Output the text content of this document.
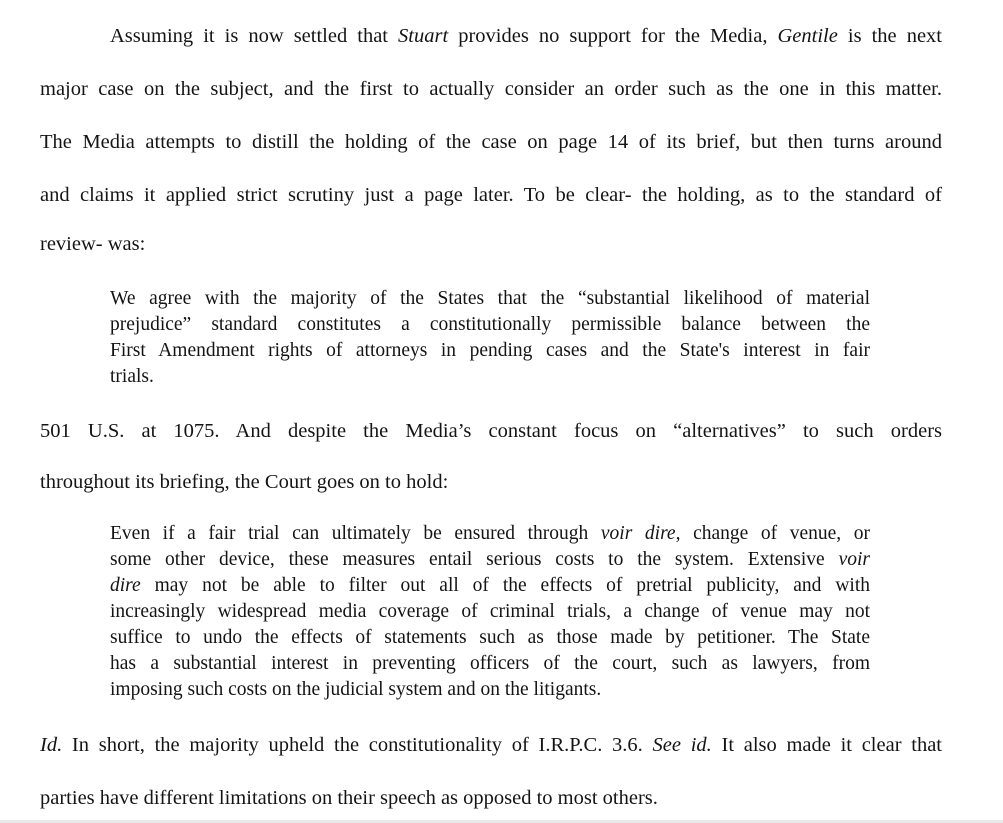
Assuming it is now settled that Stuart provides no support for the Media, Gentile is the next
major case on the subject, and the first to actually consider an order such as the one in this matter.
The Media attempts to distill the holding of the case on page 14 of its brief, but then turns around
and claims it applied strict scrutiny just a page later. To be clear- the holding, as to the standard of
review- was:
We agree with the majority of the States that the “substantial likelihood of material
prejudice” standard constitutes a constitutionally permissible balance between the
First Amendment rights of attorneys in pending cases and the State's interest in fair
trials.
501 U.S. at 1075. And despite the Media’s constant focus on “alternatives” to such orders
throughout its briefing, the Court goes on to hold:
Even if a fair trial can ultimately be ensured through voir dire, change of venue, or
some other device, these measures entail serious costs to the system. Extensive voir
dire may not be able to filter out all of the effects of pretrial publicity, and with
increasingly widespread media coverage of criminal trials, a change of venue may not
suffice to undo the effects of statements such as those made by petitioner. The State
has a substantial interest in preventing officers of the court, such as lawyers, from
imposing such costs on the judicial system and on the litigants.
Id. In short, the majority upheld the constitutionality of I.R.P.C. 3.6. See id. It also made it clear that
parties have different limitations on their speech as opposed to most others.
